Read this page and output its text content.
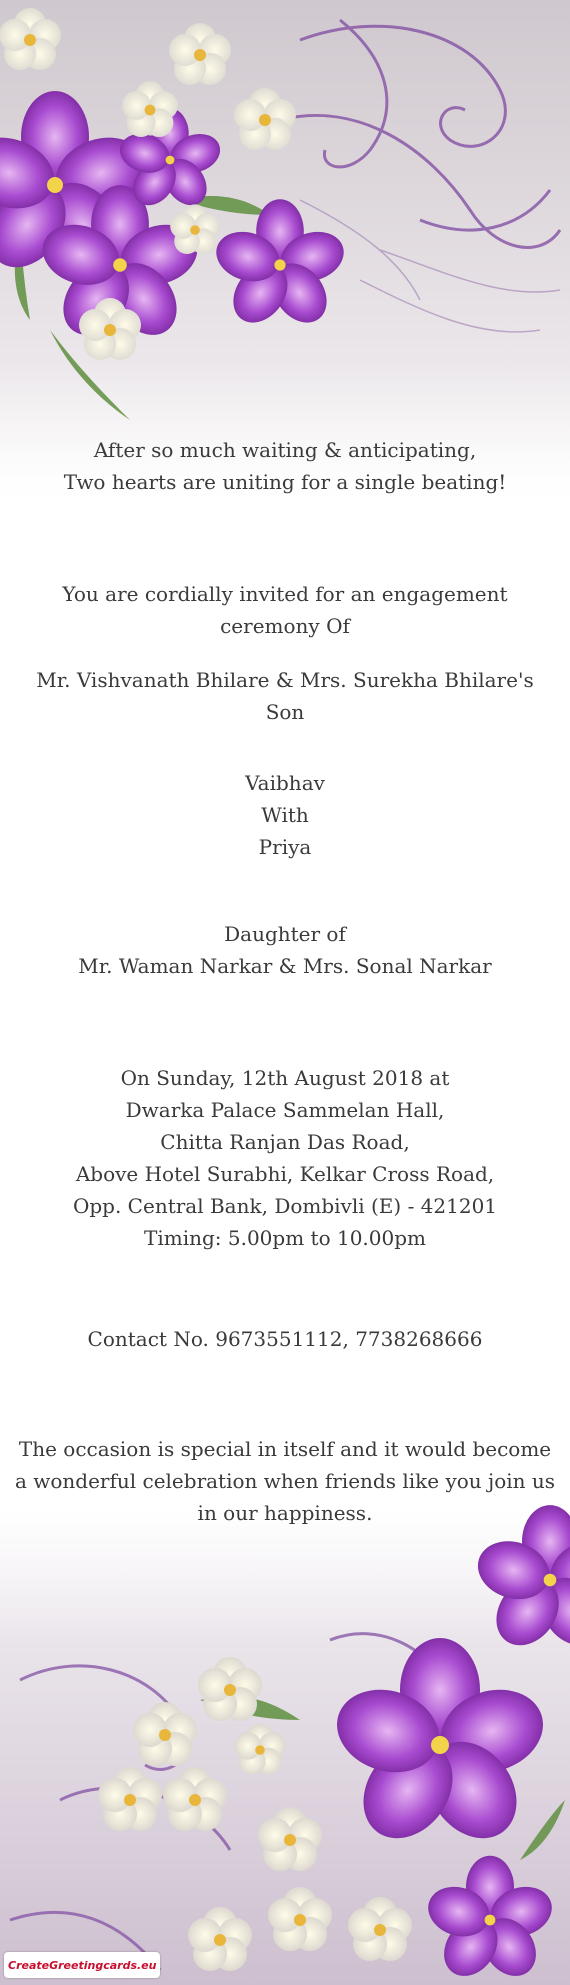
After so much waiting & anticipating,

Two hearts are uniting for a single beating!

You are cordially invited for an engagement

ceremony Of

Mr. Vishvanath Bhilare & Mrs. Surekha Bhilare's

Son

Vaibhav

With

Priya

Daughter of

Mr. Waman Narkar & Mrs. Sonal Narkar

On Sunday, 12th August 2018 at

Dwarka Palace Sammelan Hall,

Chitta Ranjan Das Road,

Above Hotel Surabhi, Kelkar Cross Road,

Opp. Central Bank, Dombivli (E) - 421201

Timing: 5.00pm to 10.00pm

Contact No. 9673551112, 7738268666

The occasion is special in itself and it would become

a wonderful celebration when friends like you join us

in our happiness.

CreateGreetingcards.eu
